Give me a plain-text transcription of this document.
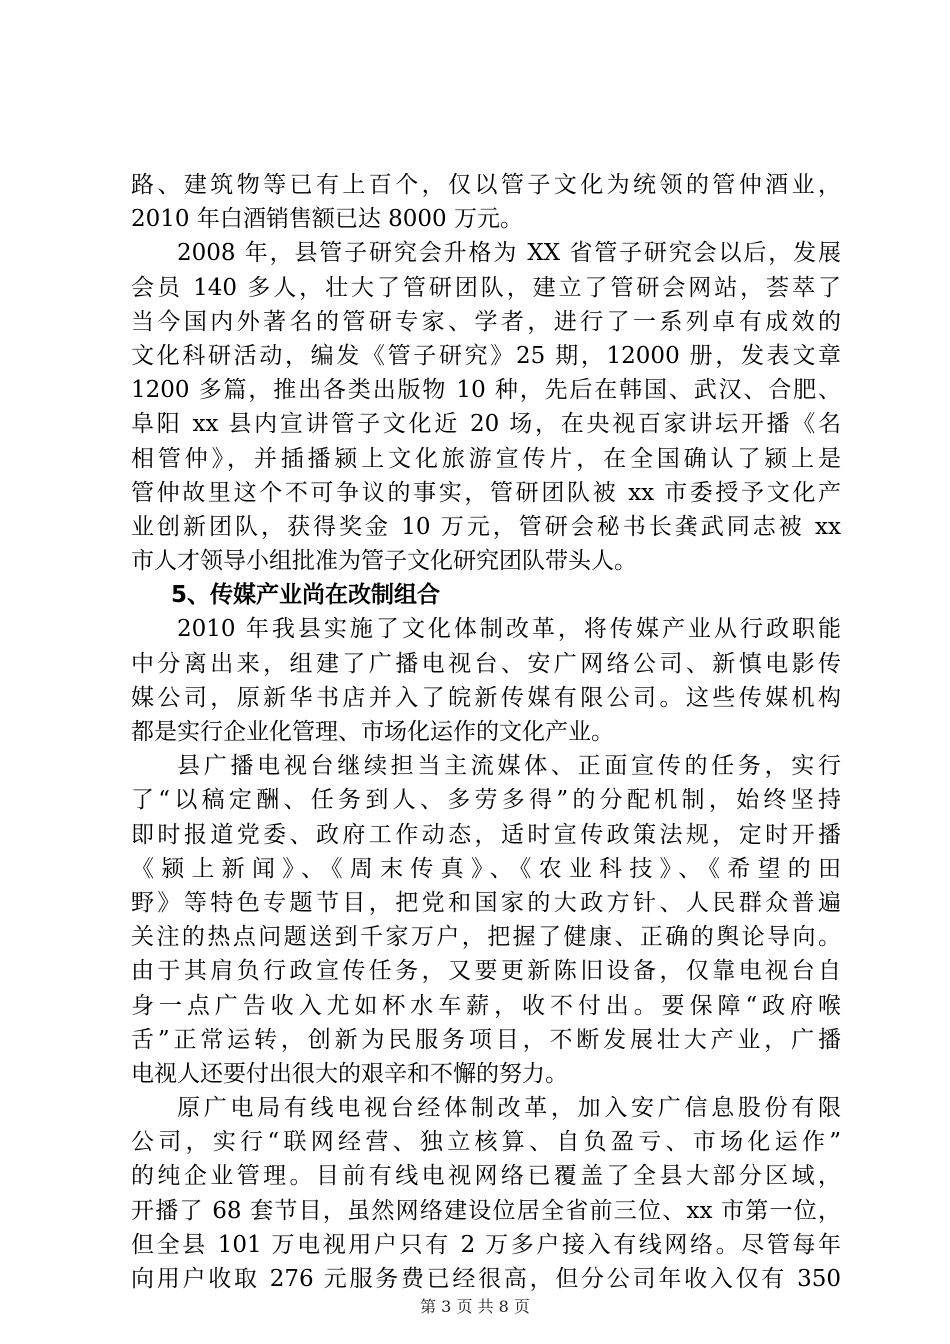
路、建筑物等已有上百个，仅以管子文化为统领的管仲酒业，
2010 年白酒销售额已达 8000 万元。
2008 年，县管子研究会升格为 XX 省管子研究会以后，发展
会员 140 多人，壮大了管研团队，建立了管研会网站，荟萃了
当今国内外著名的管研专家、学者，进行了一系列卓有成效的
文化科研活动，编发《管子研究》25 期，12000 册，发表文章
1200 多篇，推出各类出版物 10 种，先后在韩国、武汉、合肥、
阜阳 xx 县内宣讲管子文化近 20 场，在央视百家讲坛开播《名
相管仲》，并插播颍上文化旅游宣传片，在全国确认了颍上是
管仲故里这个不可争议的事实，管研团队被 xx 市委授予文化产
业创新团队，获得奖金 10 万元，管研会秘书长龚武同志被 xx
市人才领导小组批准为管子文化研究团队带头人。
5、传媒产业尚在改制组合
2010 年我县实施了文化体制改革，将传媒产业从行政职能
中分离出来，组建了广播电视台、安广网络公司、新慎电影传
媒公司，原新华书店并入了皖新传媒有限公司。这些传媒机构
都是实行企业化管理、市场化运作的文化产业。
县广播电视台继续担当主流媒体、正面宣传的任务，实行
了“以稿定酬、任务到人、多劳多得”的分配机制，始终坚持
即时报道党委、政府工作动态，适时宣传政策法规，定时开播
《颍上新闻》、《周末传真》、《农业科技》、《希望的田
野》等特色专题节目，把党和国家的大政方针、人民群众普遍
关注的热点问题送到千家万户，把握了健康、正确的舆论导向。
由于其肩负行政宣传任务，又要更新陈旧设备，仅靠电视台自
身一点广告收入尤如杯水车薪，收不付出。要保障“政府喉
舌”正常运转，创新为民服务项目，不断发展壮大产业，广播
电视人还要付出很大的艰辛和不懈的努力。
原广电局有线电视台经体制改革，加入安广信息股份有限
公司，实行“联网经营、独立核算、自负盈亏、市场化运作”
的纯企业管理。目前有线电视网络已覆盖了全县大部分区域，
开播了 68 套节目，虽然网络建设位居全省前三位、xx 市第一位，
但全县 101 万电视用户只有 2 万多户接入有线网络。尽管每年
向用户收取 276 元服务费已经很高，但分公司年收入仅有 350
第 3 页 共 8 页
